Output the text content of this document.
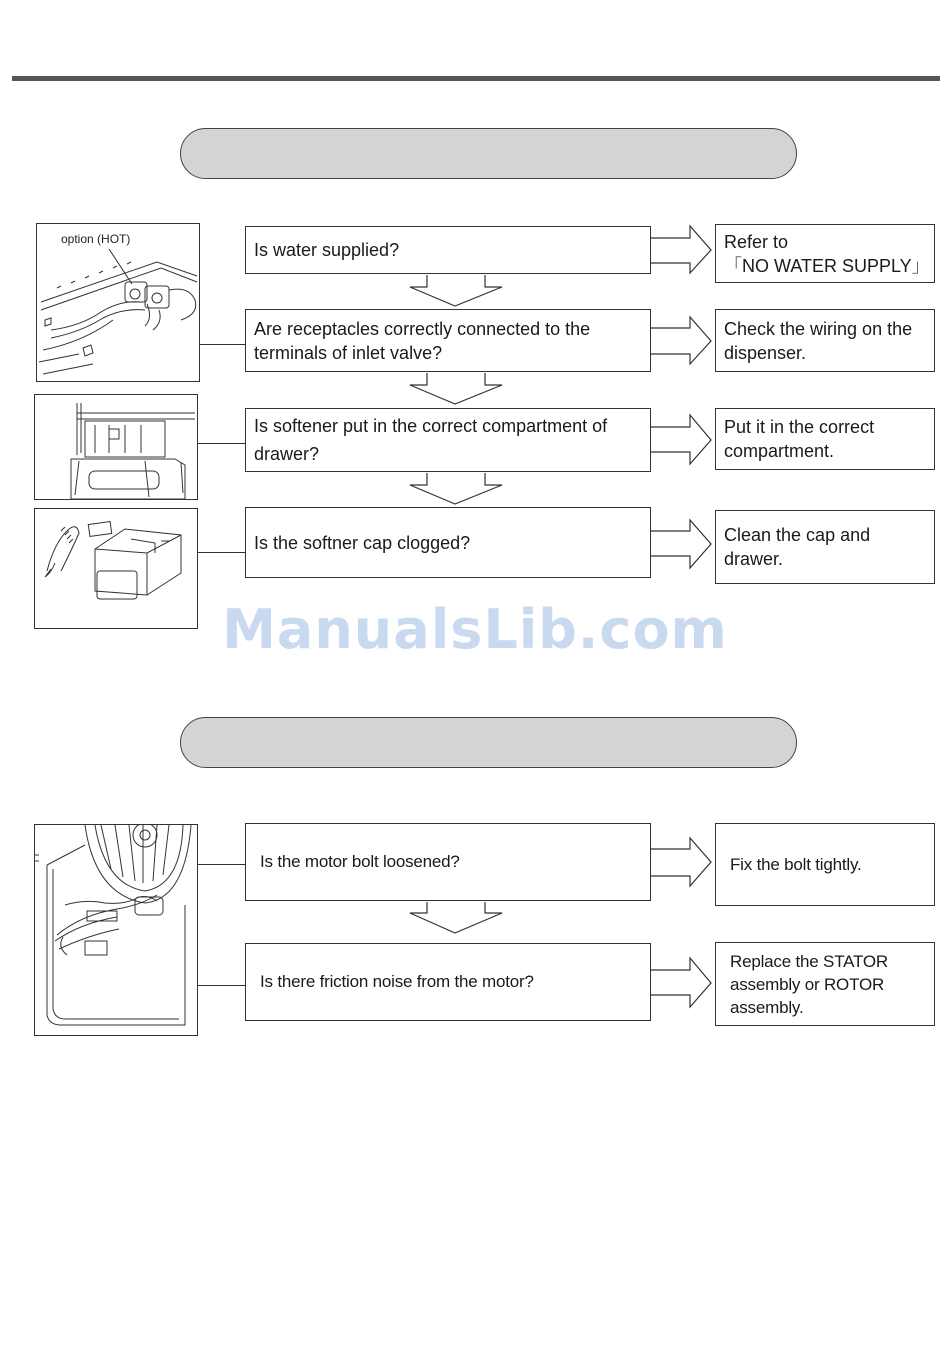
option (HOT)
Is water supplied?
Are receptacles correctly connected to the terminals of inlet valve?
Is softener put in the correct compartment of drawer?
Is the softner cap clogged?
Refer to
「NO WATER SUPPLY」
Check the wiring on the dispenser.
Put it in the correct compartment.
Clean the cap and drawer.
ManualsLib.com
Is the motor bolt loosened?
Is there friction noise from the motor?
Fix the bolt tightly.
Replace the STATOR assembly or ROTOR assembly.
